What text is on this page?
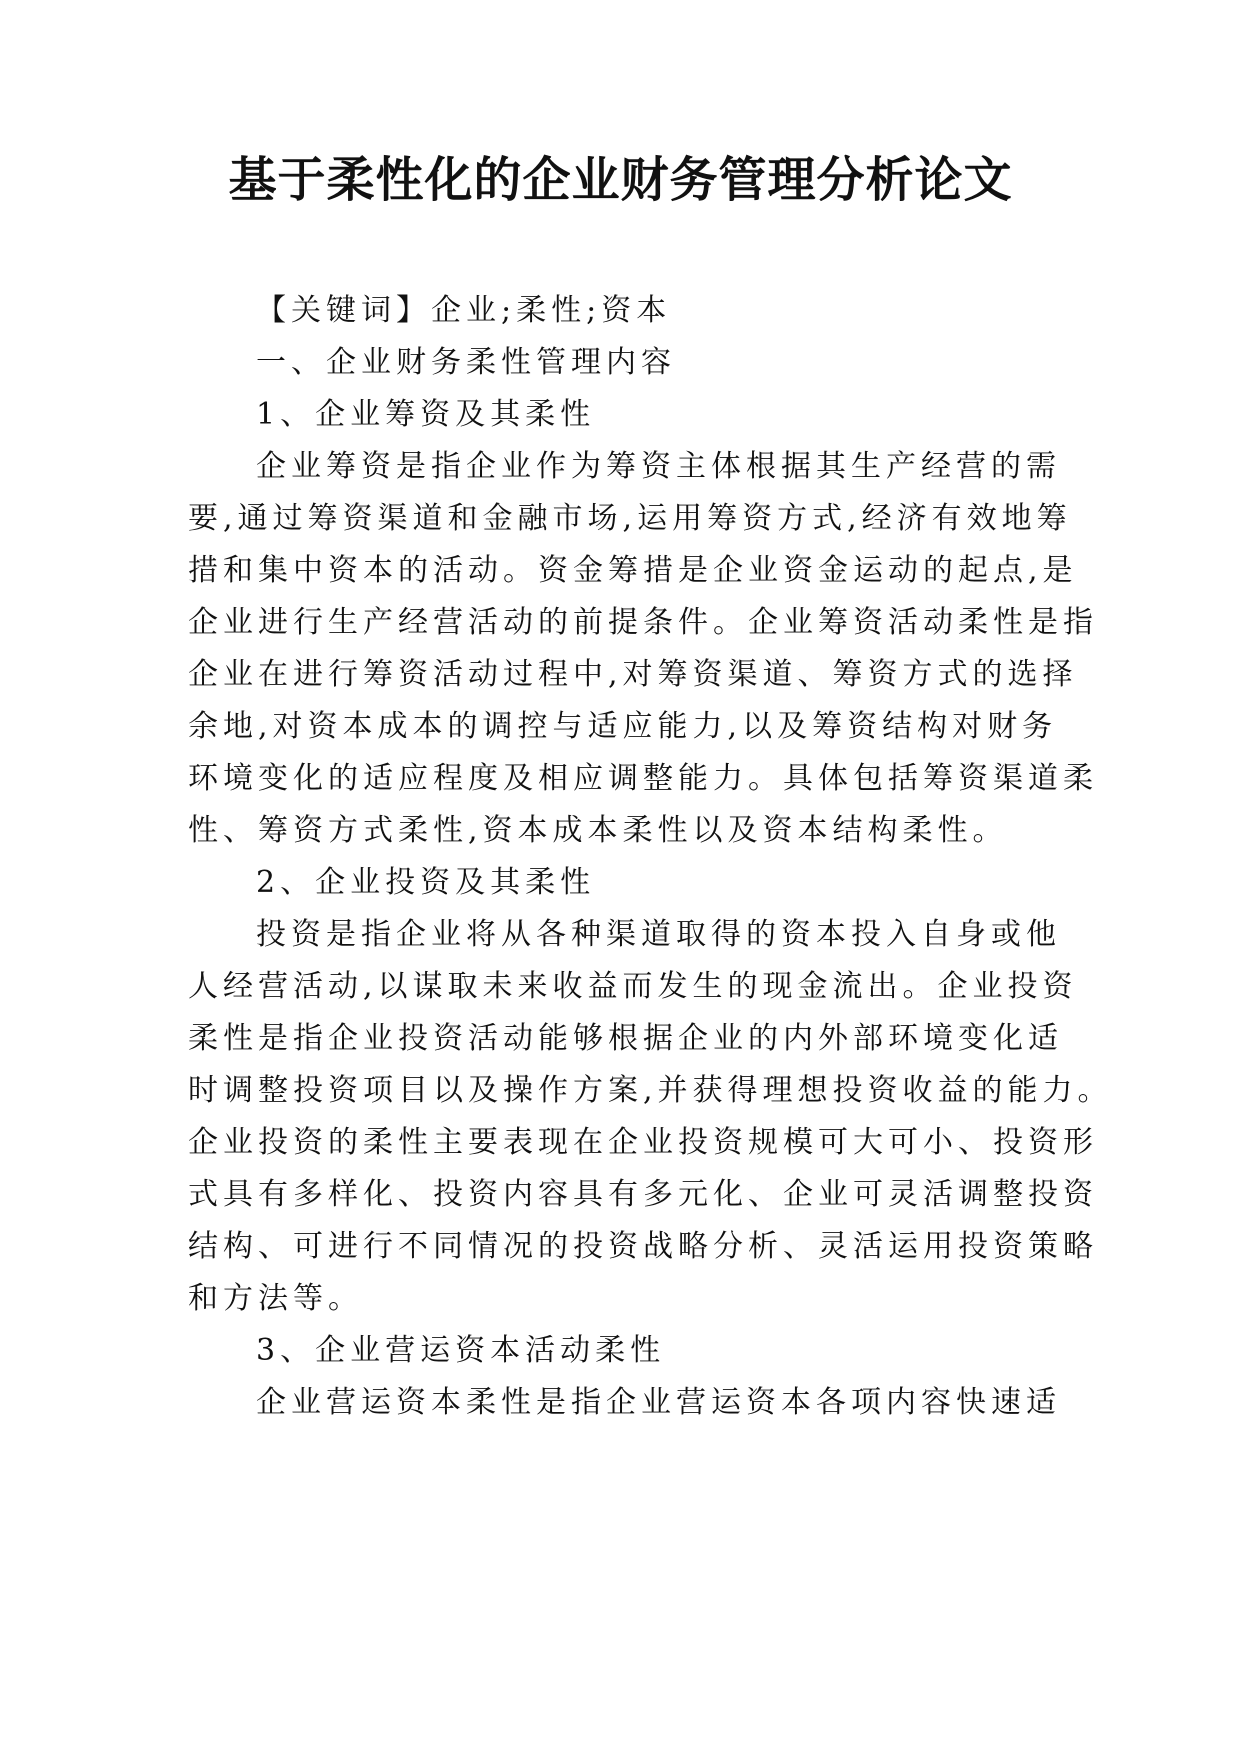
基于柔性化的企业财务管理分析论文

【关键词】企业;柔性;资本

一、企业财务柔性管理内容

1、企业筹资及其柔性

企业筹资是指企业作为筹资主体根据其生产经营的需

要,通过筹资渠道和金融市场,运用筹资方式,经济有效地筹

措和集中资本的活动。资金筹措是企业资金运动的起点,是

企业进行生产经营活动的前提条件。企业筹资活动柔性是指

企业在进行筹资活动过程中,对筹资渠道、筹资方式的选择

余地,对资本成本的调控与适应能力,以及筹资结构对财务

环境变化的适应程度及相应调整能力。具体包括筹资渠道柔

性、筹资方式柔性,资本成本柔性以及资本结构柔性。

2、企业投资及其柔性

投资是指企业将从各种渠道取得的资本投入自身或他

人经营活动,以谋取未来收益而发生的现金流出。企业投资

柔性是指企业投资活动能够根据企业的内外部环境变化适

时调整投资项目以及操作方案,并获得理想投资收益的能力。

企业投资的柔性主要表现在企业投资规模可大可小、投资形

式具有多样化、投资内容具有多元化、企业可灵活调整投资

结构、可进行不同情况的投资战略分析、灵活运用投资策略

和方法等。

3、企业营运资本活动柔性

企业营运资本柔性是指企业营运资本各项内容快速适
